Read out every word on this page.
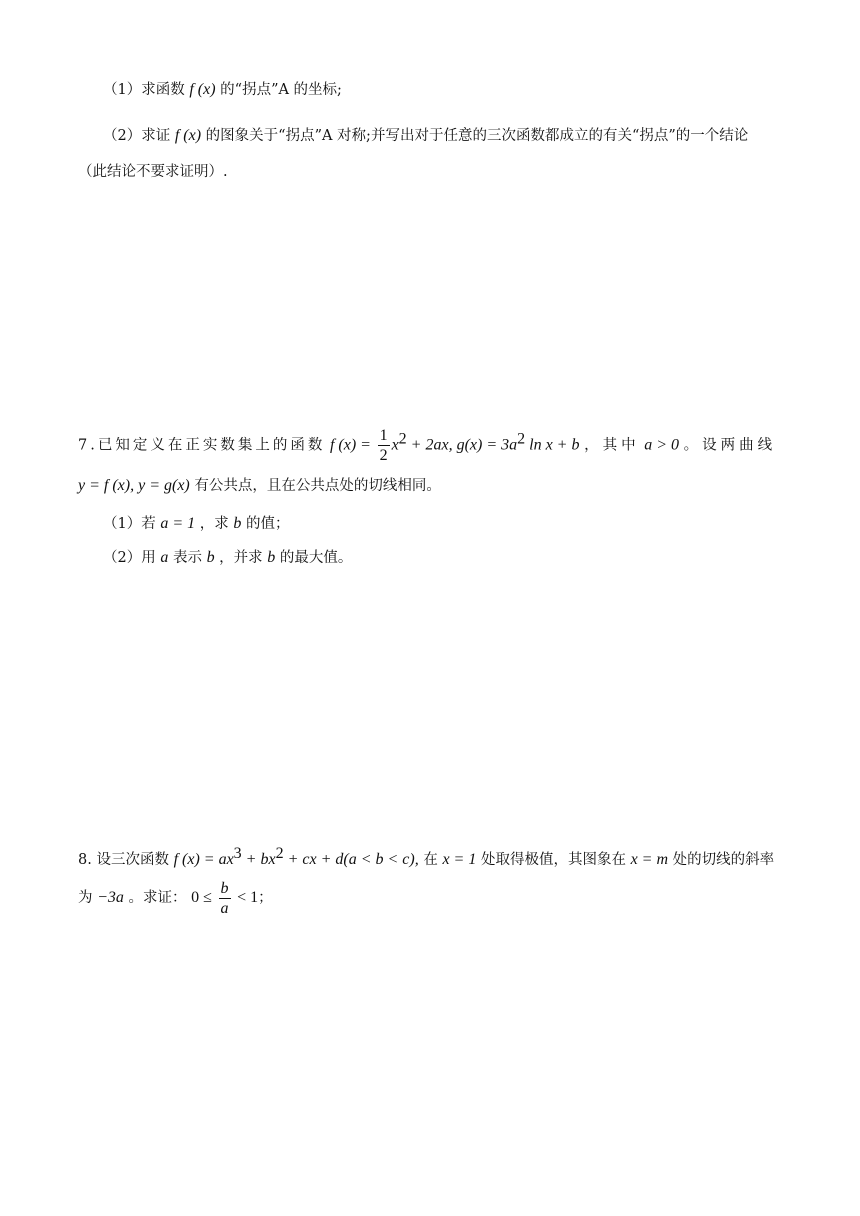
（1）求函数 f (x) 的“拐点”A 的坐标;
（2）求证 f (x) 的图象关于“拐点”A 对称;并写出对于任意的三次函数都成立的有关“拐点”的一个结论
（此结论不要求证明）.
7.已知定义在正实数集上的函数 f $(x) = \frac{1}{2} x^2 + 2ax$, $g(x) = 3a^2$ ln x + b ，其中 a > 0 。设两曲线
y = f (x), y = g(x) 有公共点，且在公共点处的切线相同。
（1）若 a = 1 ，求 b 的值；
（2）用 a 表示 b ，并求 b 的最大值。
8. 设三次函数 f $(x) = ax^3 + bx^2$ + cx + d(a < b < c), 在 x = 1 处取得极值，其图象在 x = m 处的切线的斜率
为 −3a 。求证： $0 \le \frac{b}{a} < 1$；
